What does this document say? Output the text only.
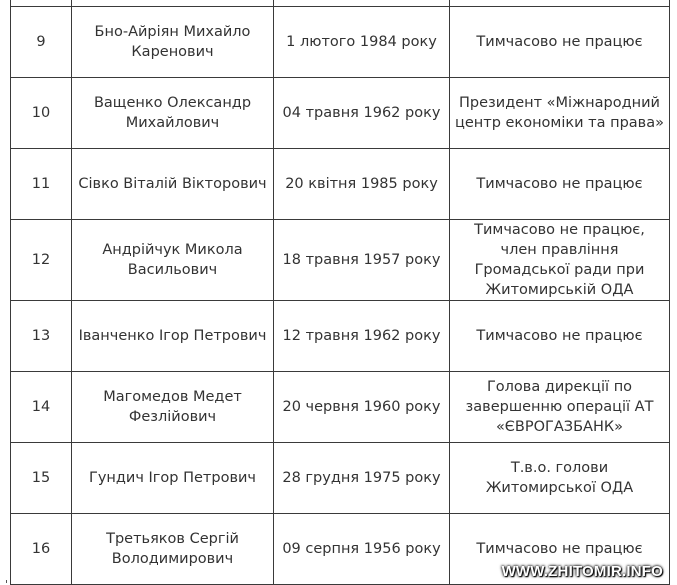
9	Бно-Айріян Михайло Каренович	1 лютого 1984 року	Тимчасово не працює
10	Ващенко Олександр Михайлович	04 травня 1962 року	Президент «Міжнародний центр економіки та права»
11	Сівко Віталій Вікторович	20 квітня 1985 року	Тимчасово не працює
12	Андрійчук Микола Васильович	18 травня 1957 року	Тимчасово не працює, член правління Громадської ради при Житомирській ОДА
13	Іванченко Ігор Петрович	12 травня 1962 року	Тимчасово не працює
14	Магомедов Медет Фезлійович	20 червня 1960 року	Голова дирекції по завершенню операції АТ «ЄВРОГАЗБАНК»
15	Гундич Ігор Петрович	28 грудня 1975 року	Т.в.о. голови Житомирської ОДА
16	Третьяков Сергій Володимирович	09 серпня 1956 року	Тимчасово не працює
WWW.ZHITOMIR.INFO
